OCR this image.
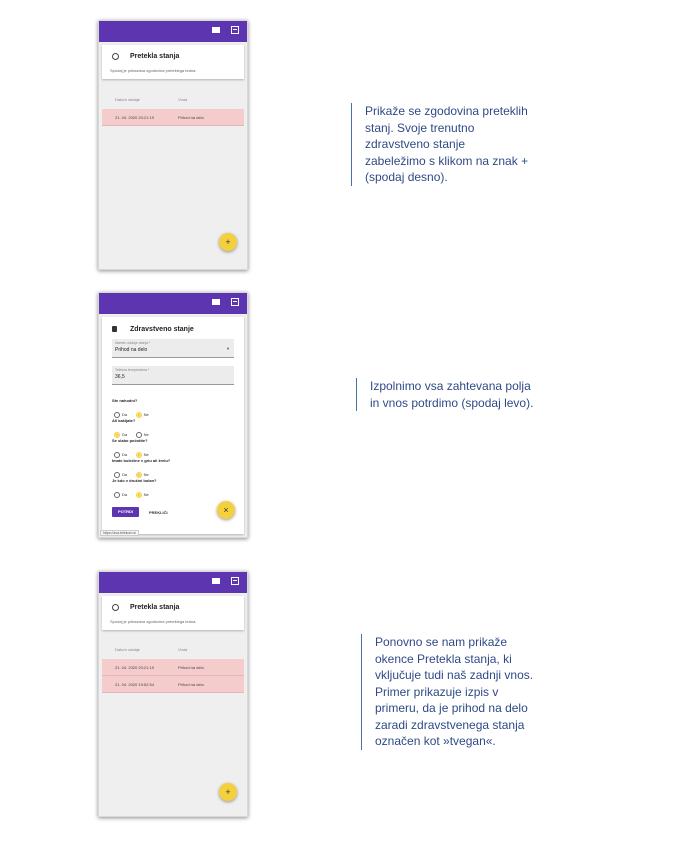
Pretekla stanja
Spodaj je prikazana zgodovina preteklega tedna.
Datum oddaje	Vrsta
21. 04. 2020 20:21:19	Prihod na delo
+
Prikaže se zgodovina preteklih
stanj. Svoje trenutno
zdravstveno stanje
zabeležimo s klikom na znak +
(spodaj desno).
Zdravstveno stanje
Namen oddaje stanja *
Prihod na delo	▼
Telesna temperatura *
36,5
Ste nahodni?
Da	Ne
Ali kašljate?
Da	Ne
Se slabo počutite?
Da	Ne
Imate bolečine v grlu ali žrelu?
Da	Ne
Je kdo v družini bolan?
Da	Ne
POTRDI	PREKLIČI	×
https://ava.telekom.si
Izpolnimo vsa zahtevana polja
in vnos potrdimo (spodaj levo).
Pretekla stanja
Spodaj je prikazana zgodovina preteklega tedna.
Datum oddaje	Vrsta
21. 04. 2020 20:21:19	Prihod na delo
21. 04. 2020 19:52:54	Prihod na delo
+
Ponovno se nam prikaže
okence Pretekla stanja, ki
vključuje tudi naš zadnji vnos.
Primer prikazuje izpis v
primeru, da je prihod na delo
zaradi zdravstvenega stanja
označen kot »tvegan«.
